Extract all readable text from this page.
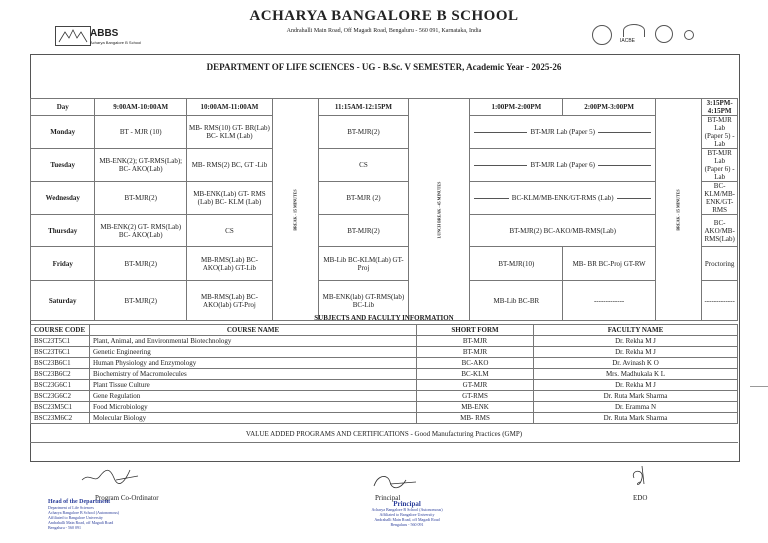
ABBS
Acharya Bangalore B School
ACHARYA BANGALORE B SCHOOL
Andrahalli Main Road, Off Magadi Road, Bengaluru - 560 091, Karnataka, India
IACBE
DEPARTMENT OF LIFE SCIENCES - UG - B.Sc. V SEMESTER, Academic Year - 2025-26
Day	9:00AM-10:00AM	10:00AM-11:00AM	BREAK - 15 MINUTES	11:15AM-12:15PM	LUNCH BREAK - 45 MINUTES	1:00PM-2:00PM	2:00PM-3:00PM	BREAK - 15 MINUTES	3:15PM-4:15PM
Monday	BT - MJR (10)	MB- RMS(10) GT- BR(Lab) BC- KLM (Lab)		BT-MJR(2)		BT-MJR Lab (Paper 5)			BT-MJR Lab (Paper 5) -Lab
Tuesday	MB-ENK(2); GT-RMS(Lab); BC- AKO(Lab)	MB- RMS(2) BC, GT -Lib		CS		BT-MJR Lab (Paper 6)			BT-MJR Lab (Paper 6) -Lab
Wednesday	BT-MJR(2)	MB-ENK(Lab) GT- RMS (Lab) BC- KLM (Lab)		BT-MJR (2)		BC-KLM/MB-ENK/GT-RMS (Lab)			BC-KLM/MB-ENK/GT-RMS
Thursday	MB-ENK(2) GT- RMS(Lab) BC- AKO(Lab)	CS		BT-MJR(2)		BT-MJR(2) BC-AKO/MB-RMS(Lab)			BC-AKO/MB-RMS(Lab)
Friday	BT-MJR(2)	MB-RMS(Lab) BC-AKO(Lab) GT-Lib		MB-Lib BC-KLM(Lab) GT- Proj		BT-MJR(10)	MB- BR BC-Proj GT-RW		Proctoring
Saturday	BT-MJR(2)	MB-RMS(Lab) BC-AKO(lab) GT-Proj		MB-ENK(lab) GT-RMS(lab) BC-Lib		MB-Lib BC-BR	-------------		-------------
SUBJECTS AND FACULTY INFORMATION
COURSE CODE	COURSE NAME	SHORT FORM	FACULTY NAME
BSC23T5C1	Plant, Animal, and Environmental Biotechnology	BT-MJR	Dr. Rekha M J
BSC23T6C1	Genetic Engineering	BT-MJR	Dr. Rekha M J
BSC23B6C1	Human Physiology and Enzymology	BC-AKO	Dr. Avinash K O
BSC23B6C2	Biochemistry of Macromolecules	BC-KLM	Mrs. Madhukala K L
BSC23G6C1	Plant Tissue Culture	GT-MJR	Dr. Rekha M J
BSC23G6C2	Gene Regulation	GT-RMS	Dr. Ruta Mark Sharma
BSC23M5C1	Food Microbiology	MB-ENK	Dr. Eramma N
BSC23M6C2	Molecular Biology	MB- RMS	Dr. Ruta Mark Sharma
VALUE ADDED PROGRAMS AND CERTIFICATIONS - Good Manufacturing Practices (GMP)
Program Co-Ordinator
Head of the Department
Department of Life Sciences
Acharya Bangalore B School (Autonomous)
Affiliated to Bangalore University
Andrahalli Main Road, off Magadi Road
Bengaluru - 560 091
Principal
Principal
Acharya Bangalore B School (Autonomous)
Affiliated to Bangalore University
Andrahalli Main Road, off Magadi Road
Bengaluru - 560 091
EDO
